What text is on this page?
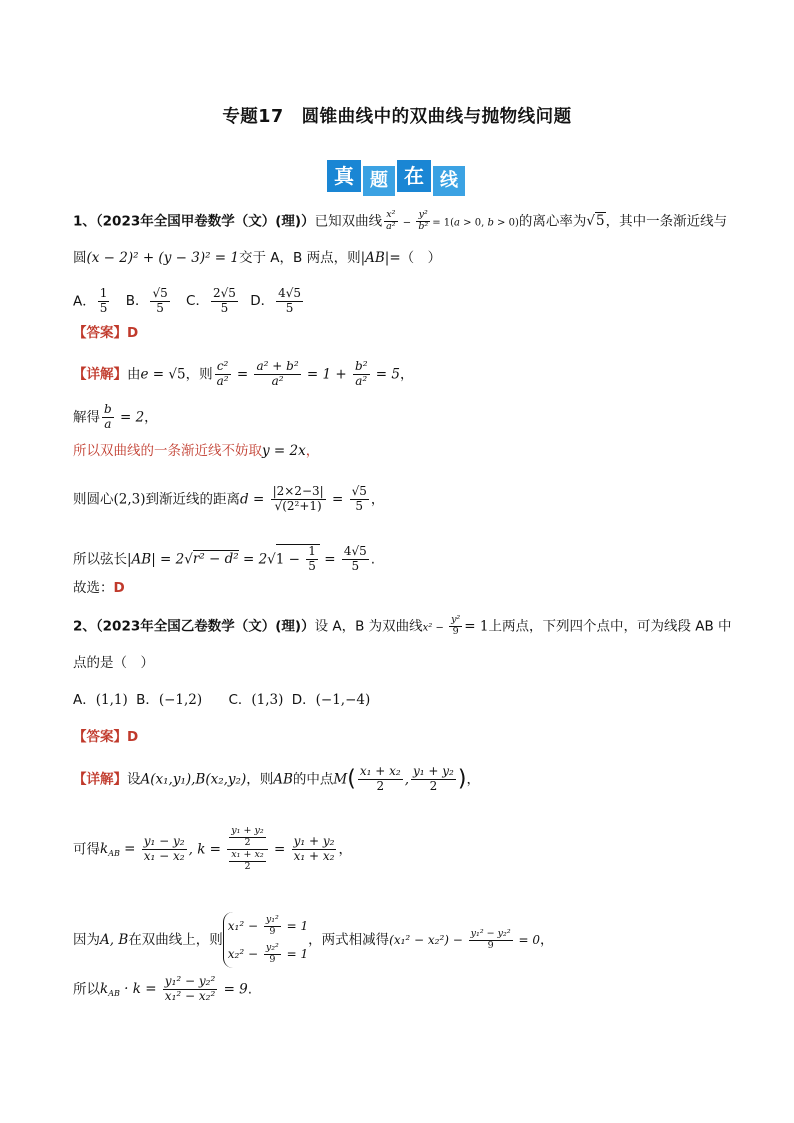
专题17　圆锥曲线中的双曲线与抛物线问题
真 题 在 线
1、（2023年全国甲卷数学（文）(理)）已知双曲线 $\frac{\text{x²}}{\text{a²}} - \frac{\text{y²}}{\text{b²}} = 1(a > 0$, b > 0)的离心率为√5，其中一条渐近线与
圆(x − 2)² + (y − 3)² = 1交于 A，B 两点，则|AB|=（　）
A． $\frac{1}{5}$ B． $\frac{√5}{5}$ C． $\frac{2√5}{5}$ D． $\frac{4√5}{5}$
【答案】D
【详解】由e = √5，则 $\frac{\text{c²}}{\text{a²}} = \frac{\text{a² + b²}}{\text{a²}} = 1 + \frac{\text{b²}}{\text{a²}} = 5$，
解得 $\frac{b}{a} = 2$，
所以双曲线的一条渐近线不妨取y = 2x，
则圆心(2,3)到渐近线的距离$d = \frac{|2\times 2-3|}{\text{√(2²+1)}} = \frac{√5}{5}$ ，
所以弦长$|AB| = 2√r^2 - d^2 = 2√1 - \frac{1}{5} = \frac{4√5}{5}$ .
故选：D
2、（2023年全国乙卷数学（文）(理)）设 A，B 为双曲线$x^2 - \frac{\text{y²}}{9} = 1$上两点，下列四个点中，可为线段 AB 中
点的是（　）
A．(1,1) B．(−1,2) C．(1,3) D．(−1,−4)
【答案】D
【详解】设A(x₁,y₁),B(x₂,y₂)，则AB的中点$M( \frac{\text{x₁ + x₂}}{2}$ , $\frac{\text{y₁ + y₂}}{2}$ )，
可得$k_{AB} = \frac{\text{y₁ − y₂}}{\text{x₁ − x₂}}$ , $k = \frac{\frac{\text{y₁ + y₂}}{2}}{\frac{\text{x₁ + x₂}}{2}} = \frac{\text{y₁ + y₂}}{\text{x₁ + x₂}}$ ，
因为A, B在双曲线上，则
$x_1^2 - \frac{\text{y₁²}}{9} = 1$
$x_2^2 - \frac{\text{y₂²}}{9} = 1$
，两式相减得$(x_1^2 - x_2^2) - \frac{\text{y₁² − y₂²}}{9} = 0$，
所以$k_{AB} \cdot k = \frac{\text{y₁² − y₂²}}{\text{x₁² − x₂²}} = 9$.
